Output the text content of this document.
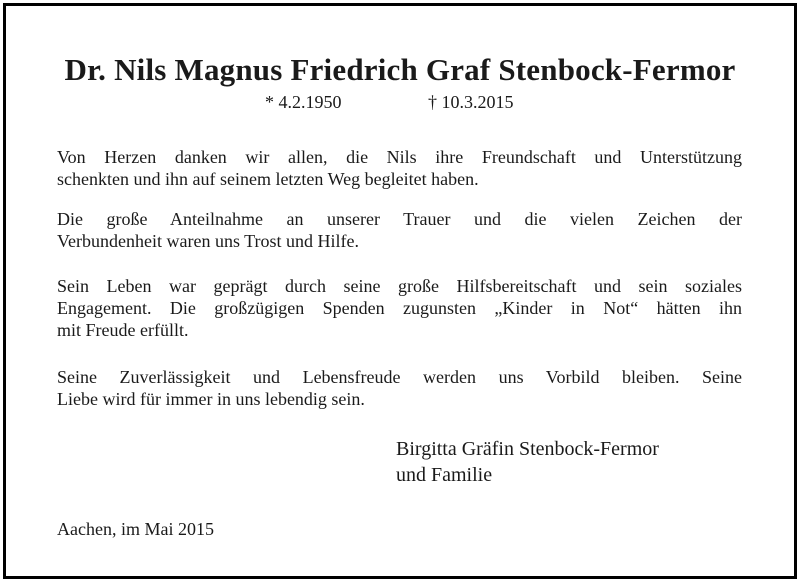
Dr. Nils Magnus Friedrich Graf Stenbock-Fermor
* 4.2.1950	† 10.3.2015
Von Herzen danken wir allen, die Nils ihre Freundschaft und Unterstützung
schenkten und ihn auf seinem letzten Weg begleitet haben.
Die große Anteilnahme an unserer Trauer und die vielen Zeichen der
Verbundenheit waren uns Trost und Hilfe.
Sein Leben war geprägt durch seine große Hilfsbereitschaft und sein soziales
Engagement. Die großzügigen Spenden zugunsten „Kinder in Not“ hätten ihn
mit Freude erfüllt.
Seine Zuverlässigkeit und Lebensfreude werden uns Vorbild bleiben. Seine
Liebe wird für immer in uns lebendig sein.
Birgitta Gräfin Stenbock-Fermor
und Familie
Aachen, im Mai 2015
